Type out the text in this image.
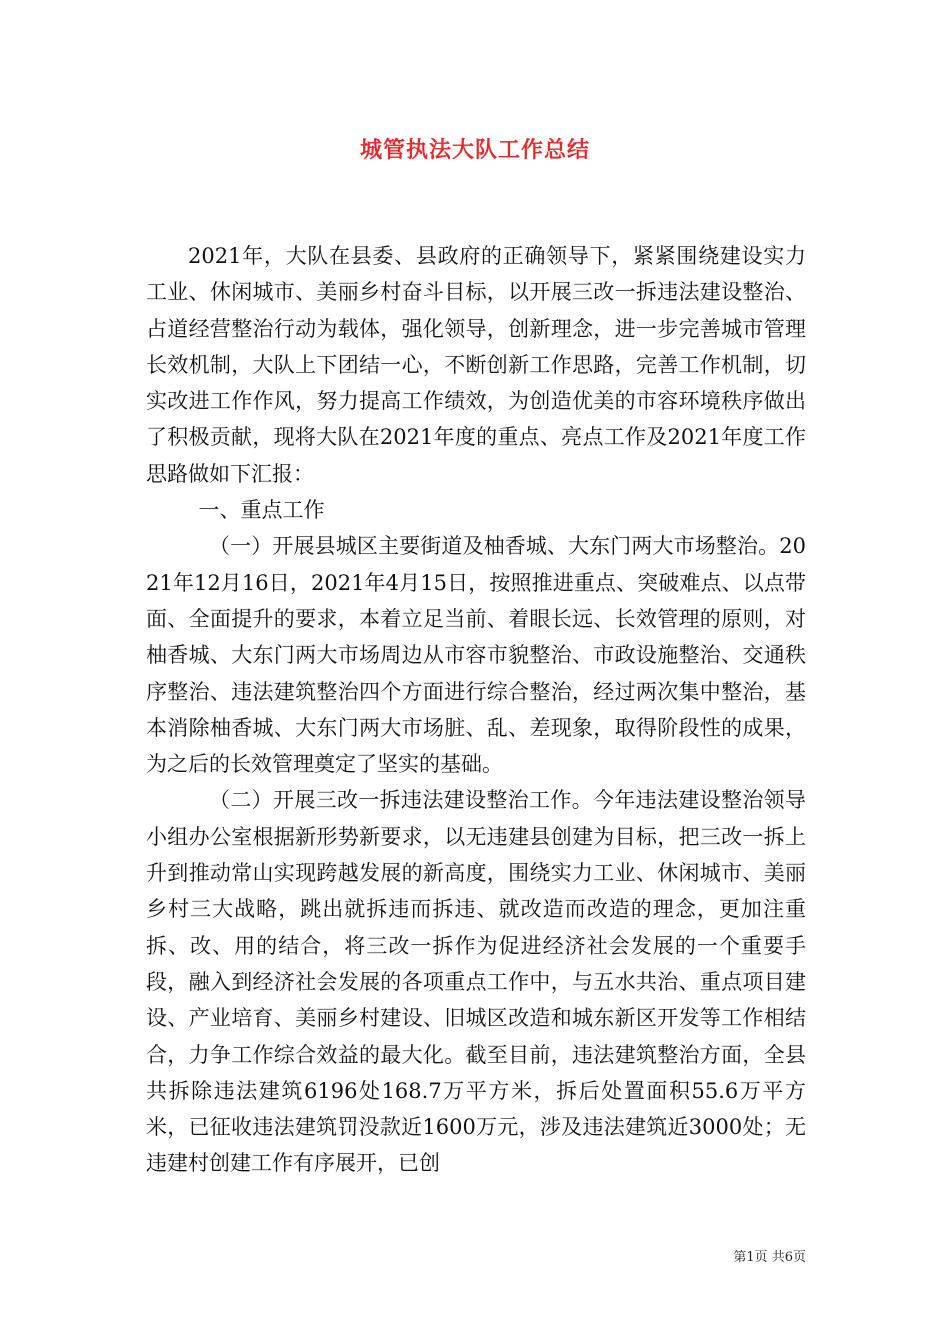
城管执法大队工作总结

2021年，大队在县委、县政府的正确领导下，紧紧围绕建设实力工业、休闲城市、美丽乡村奋斗目标，以开展三改一拆违法建设整治、占道经营整治行动为载体，强化领导，创新理念，进一步完善城市管理长效机制，大队上下团结一心，不断创新工作思路，完善工作机制，切实改进工作作风，努力提高工作绩效，为创造优美的市容环境秩序做出了积极贡献，现将大队在2021年度的重点、亮点工作及2021年度工作思路做如下汇报：

一、重点工作

（一）开展县城区主要街道及柚香城、大东门两大市场整治。2021年12月16日，2021年4月15日，按照推进重点、突破难点、以点带面、全面提升的要求，本着立足当前、着眼长远、长效管理的原则，对柚香城、大东门两大市场周边从市容市貌整治、市政设施整治、交通秩序整治、违法建筑整治四个方面进行综合整治，经过两次集中整治，基本消除柚香城、大东门两大市场脏、乱、差现象，取得阶段性的成果，为之后的长效管理奠定了坚实的基础。

（二）开展三改一拆违法建设整治工作。今年违法建设整治领导小组办公室根据新形势新要求，以无违建县创建为目标，把三改一拆上升到推动常山实现跨越发展的新高度，围绕实力工业、休闲城市、美丽乡村三大战略，跳出就拆违而拆违、就改造而改造的理念，更加注重拆、改、用的结合，将三改一拆作为促进经济社会发展的一个重要手段，融入到经济社会发展的各项重点工作中，与五水共治、重点项目建设、产业培育、美丽乡村建设、旧城区改造和城东新区开发等工作相结合，力争工作综合效益的最大化。截至目前，违法建筑整治方面，全县共拆除违法建筑6196处168.7万平方米，拆后处置面积55.6万平方米，已征收违法建筑罚没款近1600万元，涉及违法建筑近3000处；无违建村创建工作有序展开，已创

第1页 共6页
